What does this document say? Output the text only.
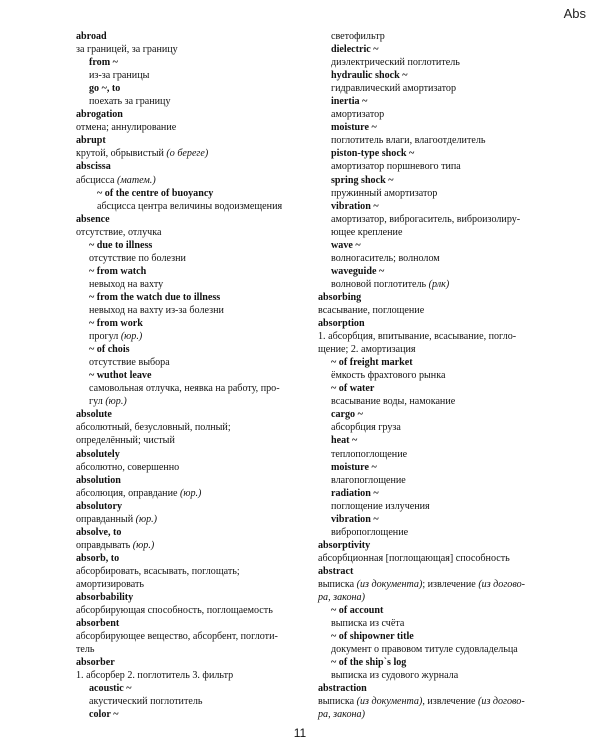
Abs
abroad
за границей, за границу
from ~
из-за границы
go ~, to
поехать за границу
abrogation
отмена; аннулирование
abrupt
крутой, обрывистый (о береге)
abscissa
абсцисса (матем.)
~ of the centre of buoyancy
абсцисса центра величины водоизмещения
absence
отсутствие, отлучка
~ due to illness
отсутствие по болезни
~ from watch
невыход на вахту
~ from the watch due to illness
невыход на вахту из-за болезни
~ from work
прогул (юр.)
~ of chois
отсутствие выбора
~ wuthot leave
самовольная отлучка, неявка на работу, про-
гул (юр.)
absolute
абсолютный, безусловный, полный;
определённый; чистый
absolutely
абсолютно, совершенно
absolution
абсолюция, оправдание (юр.)
absolutory
оправданный (юр.)
absolve, to
оправдывать (юр.)
absorb, to
абсорбировать, всасывать, поглощать;
амортизировать
absorbability
абсорбирующая способность, поглощаемость
absorbent
абсорбирующее вещество, абсорбент, поглоти-
тель
absorber
1. абсорбер 2. поглотитель 3. фильтр
acoustic ~
акустический поглотитель
color ~
светофильтр
dielectric ~
диэлектрический поглотитель
hydraulic shock ~
гидравлический амортизатор
inertia ~
амортизатор
moisture ~
поглотитель влаги, влагоотделитель
piston-type shock ~
амортизатор поршневого типа
spring shock ~
пружинный амортизатор
vibration ~
амортизатор, виброгаситель, виброизолиру-
ющее крепление
wave ~
волногаситель; волнолом
waveguide ~
волновой поглотитель (рлк)
absorbing
всасывание, поглощение
absorption
1. абсорбция, впитывание, всасывание, погло-
щение; 2. амортизация
~ of freight market
ёмкость фрахтового рынка
~ of water
всасывание воды, намокание
cargo ~
абсорбция груза
heat ~
теплопоглощение
moisture ~
влагопоглощение
radiation ~
поглощение излучения
vibration ~
вибропоглощение
absorptivity
абсорбционная [поглощающая] способность
abstract
выписка (из документа); извлечение (из догово-
ра, закона)
~ of account
выписка из счёта
~ of shipowner title
документ о правовом титуле судовладельца
~ of the ship`s log
выписка из судового журнала
abstraction
выписка (из документа), извлечение (из догово-
ра, закона)
11
